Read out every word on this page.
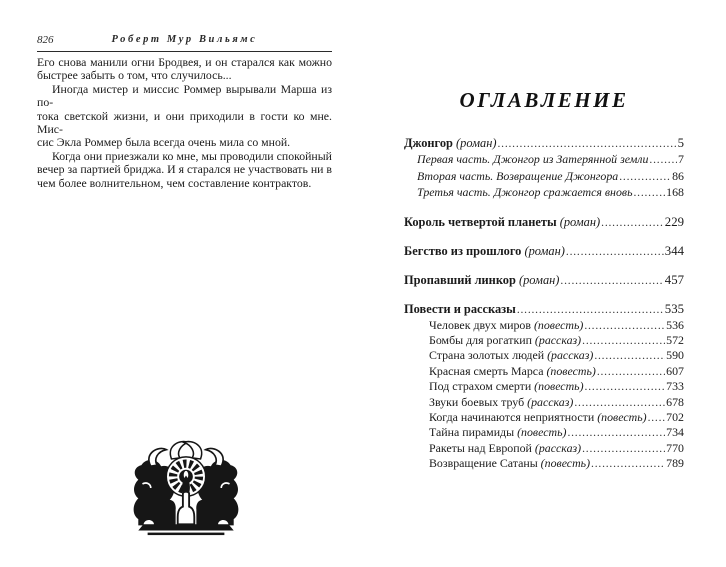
826	Роберт Мур Вильямс
Его снова манили огни Бродвея, и он старался как можно
быстрее забыть о том, что случилось...
Иногда мистер и миссис Роммер вырывали Марша из по-
тока светской жизни, и они приходили в гости ко мне. Мис-
сис Экла Роммер была всегда очень мила со мной.
Когда они приезжали ко мне, мы проводили спокойный
вечер за партией бриджа. И я старался не участвовать ни в
чем более волнительном, чем составление контрактов.
ОГЛАВЛЕНИЕ
Джонгор (роман) .....	5
Первая часть. Джонгор из Затерянной земли ..... 7
Вторая часть. Возвращение Джонгора .....	86
Третья часть. Джонгор сражается вновь .....	168
Король четвертой планеты (роман) .....	229
Бегство из прошлого (роман) .....	344
Пропавший линкор (роман) .....	457
Повести и рассказы .....	535
Человек двух миров (повесть) .....	536
Бомбы для рогаткип (рассказ) .....	572
Страна золотых людей (рассказ) .....	590
Красная смерть Марса (повесть) .....	607
Под страхом смерти (повесть) .....	733
Звуки боевых труб (рассказ) .....	678
Когда начинаются неприятности (повесть) ..... 702
Тайна пирамиды (повесть) .....	734
Ракеты над Европой (рассказ) .....	770
Возвращение Сатаны (повесть) .....	789
